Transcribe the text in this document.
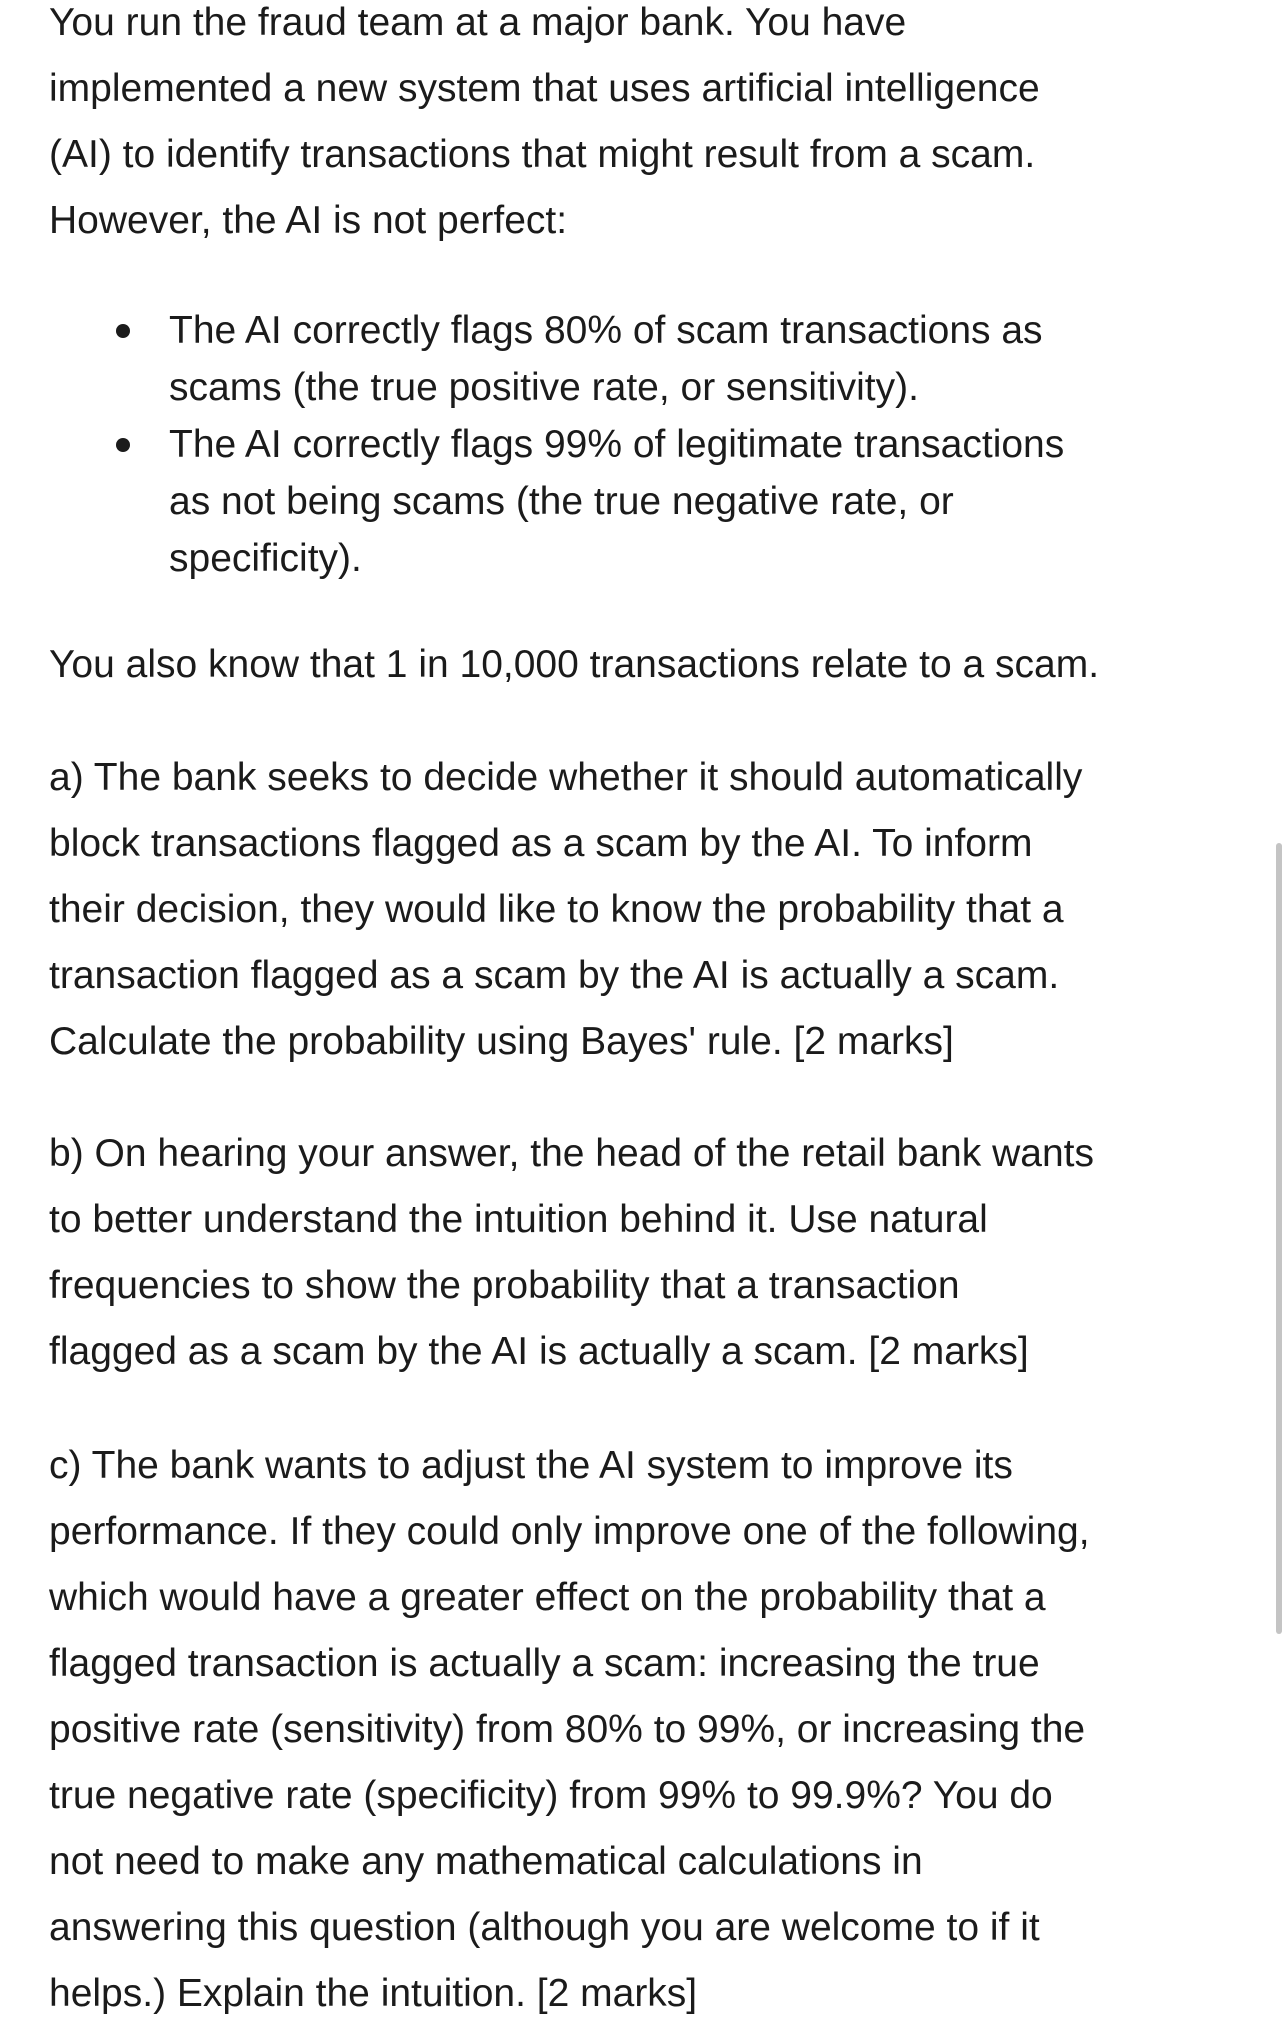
You run the fraud team at a major bank. You have
implemented a new system that uses artificial intelligence
(AI) to identify transactions that might result from a scam.
However, the AI is not perfect:
The AI correctly flags 80% of scam transactions as
scams (the true positive rate, or sensitivity).
The AI correctly flags 99% of legitimate transactions
as not being scams (the true negative rate, or
specificity).
You also know that 1 in 10,000 transactions relate to a scam.
a) The bank seeks to decide whether it should automatically
block transactions flagged as a scam by the AI. To inform
their decision, they would like to know the probability that a
transaction flagged as a scam by the AI is actually a scam.
Calculate the probability using Bayes' rule. [2 marks]
b) On hearing your answer, the head of the retail bank wants
to better understand the intuition behind it. Use natural
frequencies to show the probability that a transaction
flagged as a scam by the AI is actually a scam. [2 marks]
c) The bank wants to adjust the AI system to improve its
performance. If they could only improve one of the following,
which would have a greater effect on the probability that a
flagged transaction is actually a scam: increasing the true
positive rate (sensitivity) from 80% to 99%, or increasing the
true negative rate (specificity) from 99% to 99.9%? You do
not need to make any mathematical calculations in
answering this question (although you are welcome to if it
helps.) Explain the intuition. [2 marks]
